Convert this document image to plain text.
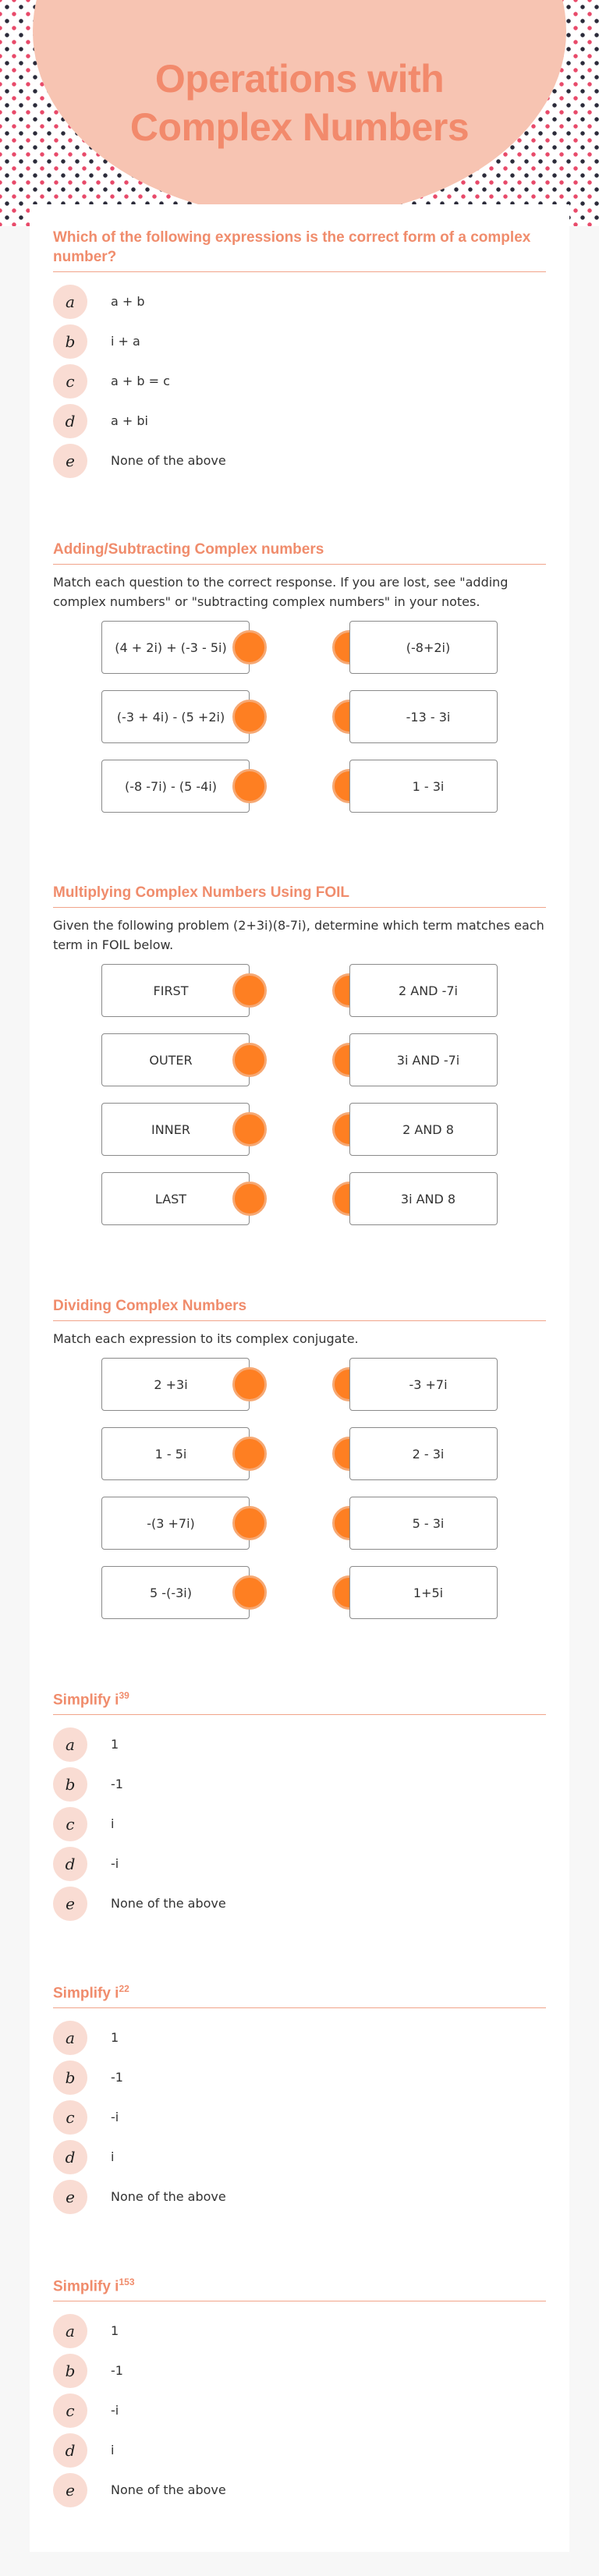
Operations with
Complex Numbers
Which of the following expressions is the correct form of a complex number?
a	a + b
b	i + a
c	a + b = c
d	a + bi
e	None of the above
Adding/Subtracting Complex numbers
Match each question to the correct response. If you are lost, see "adding complex numbers" or "subtracting complex numbers" in your notes.
(4 + 2i) + (-3 - 5i)	(-8+2i)
(-3 + 4i) - (5 +2i)	-13 - 3i
(-8 -7i) - (5 -4i)	1 - 3i
Multiplying Complex Numbers Using FOIL
Given the following problem (2+3i)(8-7i), determine which term matches each term in FOIL below.
FIRST	2 AND -7i
OUTER	3i AND -7i
INNER	2 AND 8
LAST	3i AND 8
Dividing Complex Numbers
Match each expression to its complex conjugate.
2 +3i	-3 +7i
1 - 5i	2 - 3i
-(3 +7i)	5 - 3i
5 -(-3i)	1+5i
Simplify $i^{39}$
a	1
b	-1
c	i
d	-i
e	None of the above
Simplify $i^{22}$
a	1
b	-1
c	-i
d	i
e	None of the above
Simplify $i^{153}$
a	1
b	-1
c	-i
d	i
e	None of the above
